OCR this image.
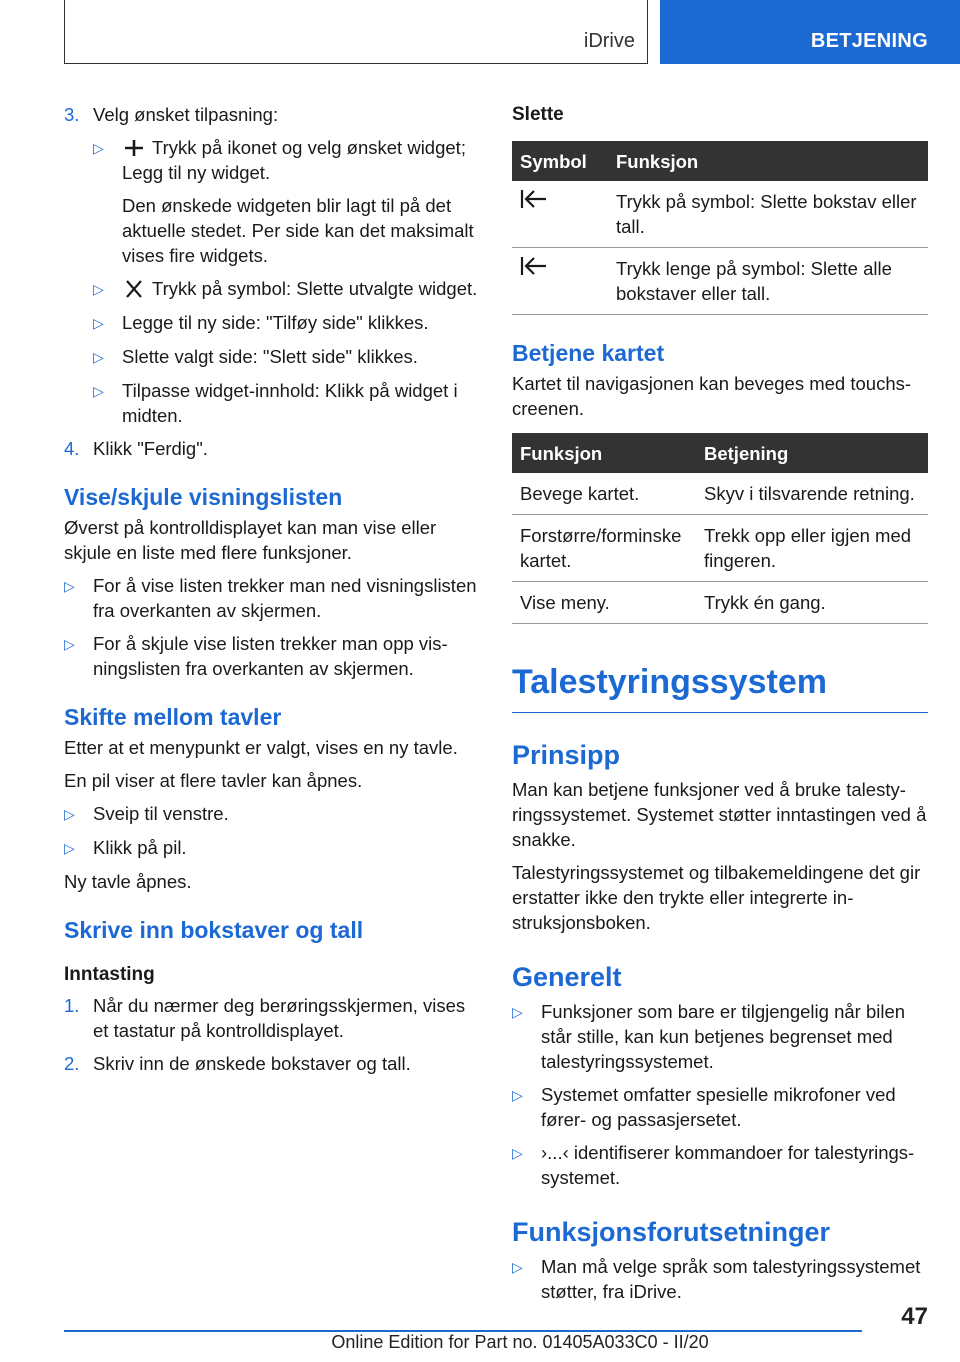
iDrive	BETJENING
3. Velg ønsket tilpasning:
▷	Trykk på ikonet og velg ønsket widget; Legg til ny widget.
Den ønskede widgeten blir lagt til på det aktuelle stedet. Per side kan det maksimalt vises fire widgets.
▷	Trykk på symbol: Slette utvalgte widget.
▷ Legge til ny side: "Tilføy side" klikkes.
▷ Slette valgt side: "Slett side" klikkes.
▷ Tilpasse widget-innhold: Klikk på widget i midten.
4. Klikk "Ferdig".
Vise/skjule visningslisten

Øverst på kontrolldisplayet kan man vise eller skjule en liste med flere funksjoner.

▷ For å vise listen trekker man ned visningslisten fra overkanten av skjermen.
▷ For å skjule vise listen trekker man opp visningslisten fra overkanten av skjermen.
Skifte mellom tavler

Etter at et menypunkt er valgt, vises en ny tavle.

En pil viser at flere tavler kan åpnes.

▷ Sveip til venstre.
▷ Klikk på pil.

Ny tavle åpnes.

Skrive inn bokstaver og tall
Inntasting
1. Når du nærmer deg berøringsskjermen, vises et tastatur på kontrolldisplayet.
2. Skriv inn de ønskede bokstaver og tall.
Slette
Symbol	Funksjon
	Trykk på symbol: Slette bokstav eller tall.
	Trykk lenge på symbol: Slette alle bokstaver eller tall.
Betjene kartet

Kartet til navigasjonen kan beveges med touchscreenen.

Funksjon	Betjening
Bevege kartet.	Skyv i tilsvarende retning.
Forstørre/forminske kartet.	Trekk opp eller igjen med fingeren.
Vise meny.	Trykk én gang.
Talestyringssystem
Prinsipp

Man kan betjene funksjoner ved å bruke talestyringssystemet. Systemet støtter inntastingen ved å snakke.

Talestyringssystemet og tilbakemeldingene det gir erstatter ikke den trykte eller integrerte instruksjonsboken.

Generelt
▷ Funksjoner som bare er tilgjengelig når bilen står stille, kan kun betjenes begrenset med talestyringssystemet.
▷ Systemet omfatter spesielle mikrofoner ved fører- og passasjersetet.
▷ ›...‹ identifiserer kommandoer for talestyringssystemet.
Funksjonsforutsetninger
▷ Man må velge språk som talestyringssystemet støtter, fra iDrive.
47
Online Edition for Part no. 01405A033C0 - II/20
